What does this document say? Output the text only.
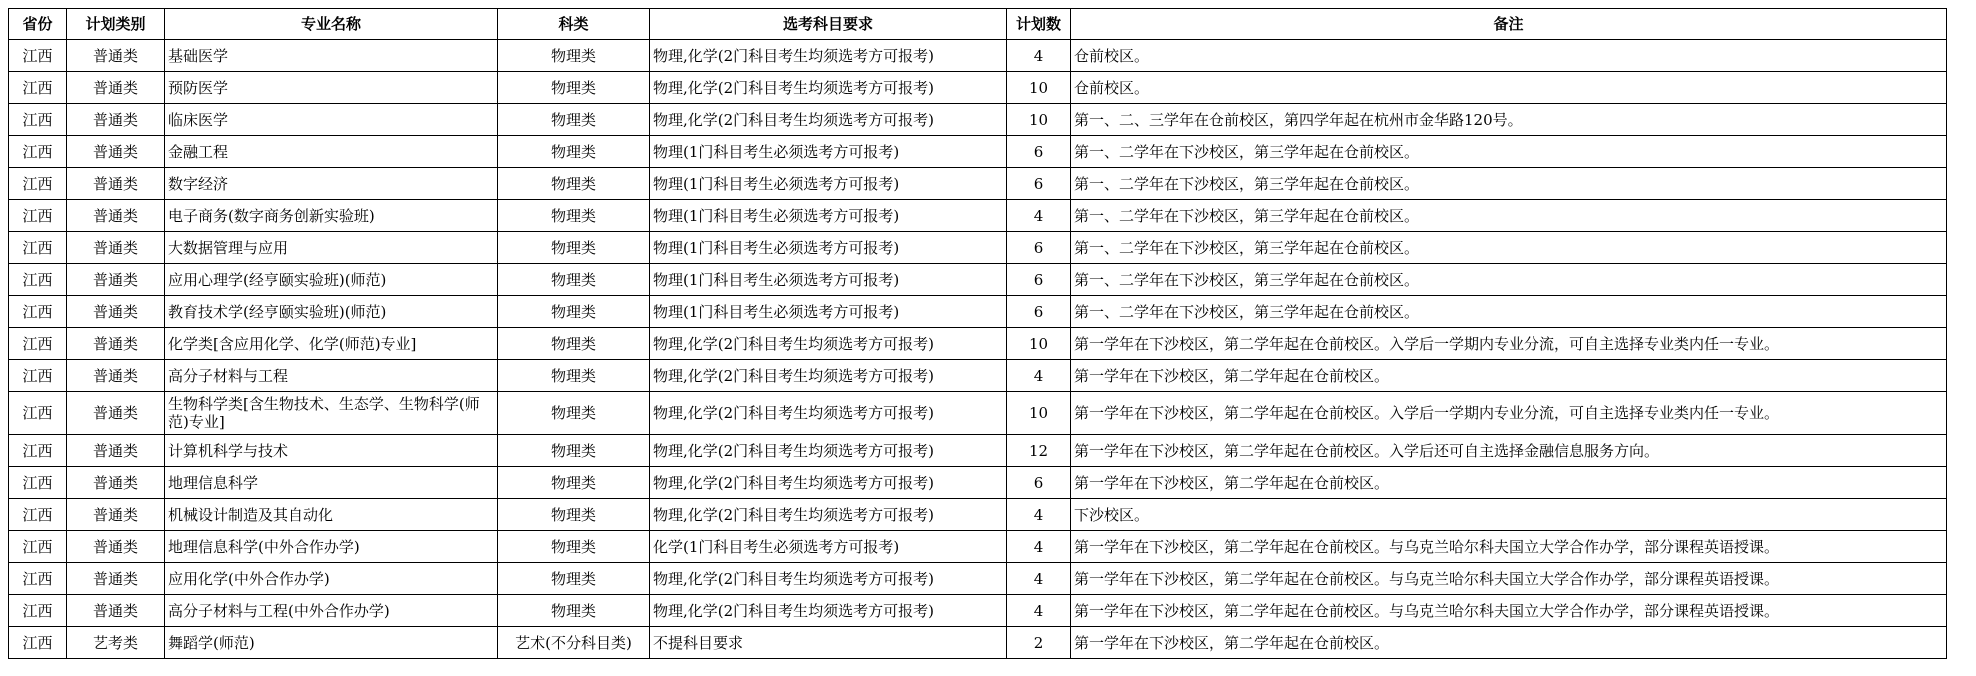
省份	计划类别	专业名称	科类	选考科目要求	计划数	备注
江西	普通类	基础医学	物理类	物理,化学(2门科目考生均须选考方可报考)	4	仓前校区。
江西	普通类	预防医学	物理类	物理,化学(2门科目考生均须选考方可报考)	10	仓前校区。
江西	普通类	临床医学	物理类	物理,化学(2门科目考生均须选考方可报考)	10	第一、二、三学年在仓前校区，第四学年起在杭州市金华路120号。
江西	普通类	金融工程	物理类	物理(1门科目考生必须选考方可报考)	6	第一、二学年在下沙校区，第三学年起在仓前校区。
江西	普通类	数字经济	物理类	物理(1门科目考生必须选考方可报考)	6	第一、二学年在下沙校区，第三学年起在仓前校区。
江西	普通类	电子商务(数字商务创新实验班)	物理类	物理(1门科目考生必须选考方可报考)	4	第一、二学年在下沙校区，第三学年起在仓前校区。
江西	普通类	大数据管理与应用	物理类	物理(1门科目考生必须选考方可报考)	6	第一、二学年在下沙校区，第三学年起在仓前校区。
江西	普通类	应用心理学(经亨颐实验班)(师范)	物理类	物理(1门科目考生必须选考方可报考)	6	第一、二学年在下沙校区，第三学年起在仓前校区。
江西	普通类	教育技术学(经亨颐实验班)(师范)	物理类	物理(1门科目考生必须选考方可报考)	6	第一、二学年在下沙校区，第三学年起在仓前校区。
江西	普通类	化学类[含应用化学、化学(师范)专业]	物理类	物理,化学(2门科目考生均须选考方可报考)	10	第一学年在下沙校区，第二学年起在仓前校区。入学后一学期内专业分流，可自主选择专业类内任一专业。
江西	普通类	高分子材料与工程	物理类	物理,化学(2门科目考生均须选考方可报考)	4	第一学年在下沙校区，第二学年起在仓前校区。
江西	普通类	生物科学类[含生物技术、生态学、生物科学(师范)专业]	物理类	物理,化学(2门科目考生均须选考方可报考)	10	第一学年在下沙校区，第二学年起在仓前校区。入学后一学期内专业分流，可自主选择专业类内任一专业。
江西	普通类	计算机科学与技术	物理类	物理,化学(2门科目考生均须选考方可报考)	12	第一学年在下沙校区，第二学年起在仓前校区。入学后还可自主选择金融信息服务方向。
江西	普通类	地理信息科学	物理类	物理,化学(2门科目考生均须选考方可报考)	6	第一学年在下沙校区，第二学年起在仓前校区。
江西	普通类	机械设计制造及其自动化	物理类	物理,化学(2门科目考生均须选考方可报考)	4	下沙校区。
江西	普通类	地理信息科学(中外合作办学)	物理类	化学(1门科目考生必须选考方可报考)	4	第一学年在下沙校区，第二学年起在仓前校区。与乌克兰哈尔科夫国立大学合作办学，部分课程英语授课。
江西	普通类	应用化学(中外合作办学)	物理类	物理,化学(2门科目考生均须选考方可报考)	4	第一学年在下沙校区，第二学年起在仓前校区。与乌克兰哈尔科夫国立大学合作办学，部分课程英语授课。
江西	普通类	高分子材料与工程(中外合作办学)	物理类	物理,化学(2门科目考生均须选考方可报考)	4	第一学年在下沙校区，第二学年起在仓前校区。与乌克兰哈尔科夫国立大学合作办学，部分课程英语授课。
江西	艺考类	舞蹈学(师范)	艺术(不分科目类)	不提科目要求	2	第一学年在下沙校区，第二学年起在仓前校区。
